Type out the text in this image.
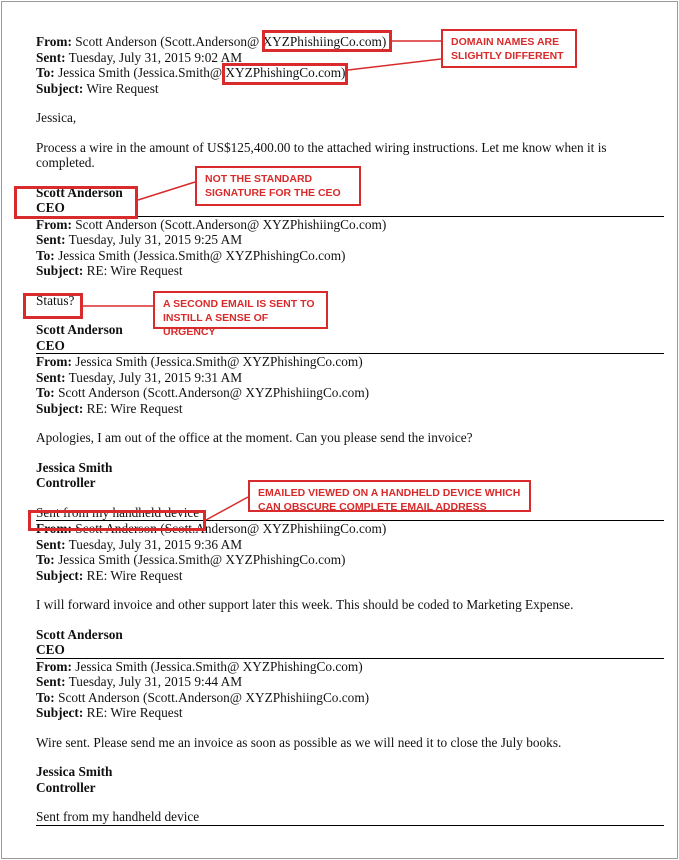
From: Scott Anderson (Scott.Anderson@ XYZPhishiingCo.com)
Sent: Tuesday, July 31, 2015 9:02 AM
To: Jessica Smith (Jessica.Smith@ XYZPhishingCo.com)
Subject: Wire Request

Jessica,

Process a wire in the amount of US$125,400.00 to the attached wiring instructions. Let me know when it is completed.

Scott Anderson
CEO
From: Scott Anderson (Scott.Anderson@ XYZPhishiingCo.com)
Sent: Tuesday, July 31, 2015 9:25 AM
To: Jessica Smith (Jessica.Smith@ XYZPhishingCo.com)
Subject: RE: Wire Request

Status?

Scott Anderson
CEO
From: Jessica Smith (Jessica.Smith@ XYZPhishingCo.com)
Sent: Tuesday, July 31, 2015 9:31 AM
To: Scott Anderson (Scott.Anderson@ XYZPhishiingCo.com)
Subject: RE: Wire Request

Apologies, I am out of the office at the moment. Can you please send the invoice?

Jessica Smith
Controller
Sent from my handheld device
From: Scott Anderson (Scott.Anderson@ XYZPhishiingCo.com)
Sent: Tuesday, July 31, 2015 9:36 AM
To: Jessica Smith (Jessica.Smith@ XYZPhishingCo.com)
Subject: RE: Wire Request

I will forward invoice and other support later this week. This should be coded to Marketing Expense.

Scott Anderson
CEO
From: Jessica Smith (Jessica.Smith@ XYZPhishingCo.com)
Sent: Tuesday, July 31, 2015 9:44 AM
To: Scott Anderson (Scott.Anderson@ XYZPhishiingCo.com)
Subject: RE: Wire Request

Wire sent. Please send me an invoice as soon as possible as we will need it to close the July books.

Jessica Smith
Controller
Sent from my handheld device
DOMAIN NAMES ARE SLIGHTLY DIFFERENT
NOT THE STANDARD SIGNATURE FOR THE CEO
A SECOND EMAIL IS SENT TO INSTILL A SENSE OF URGENCY
EMAILED VIEWED ON A HANDHELD DEVICE WHICH CAN OBSCURE COMPLETE EMAIL ADDRESS
